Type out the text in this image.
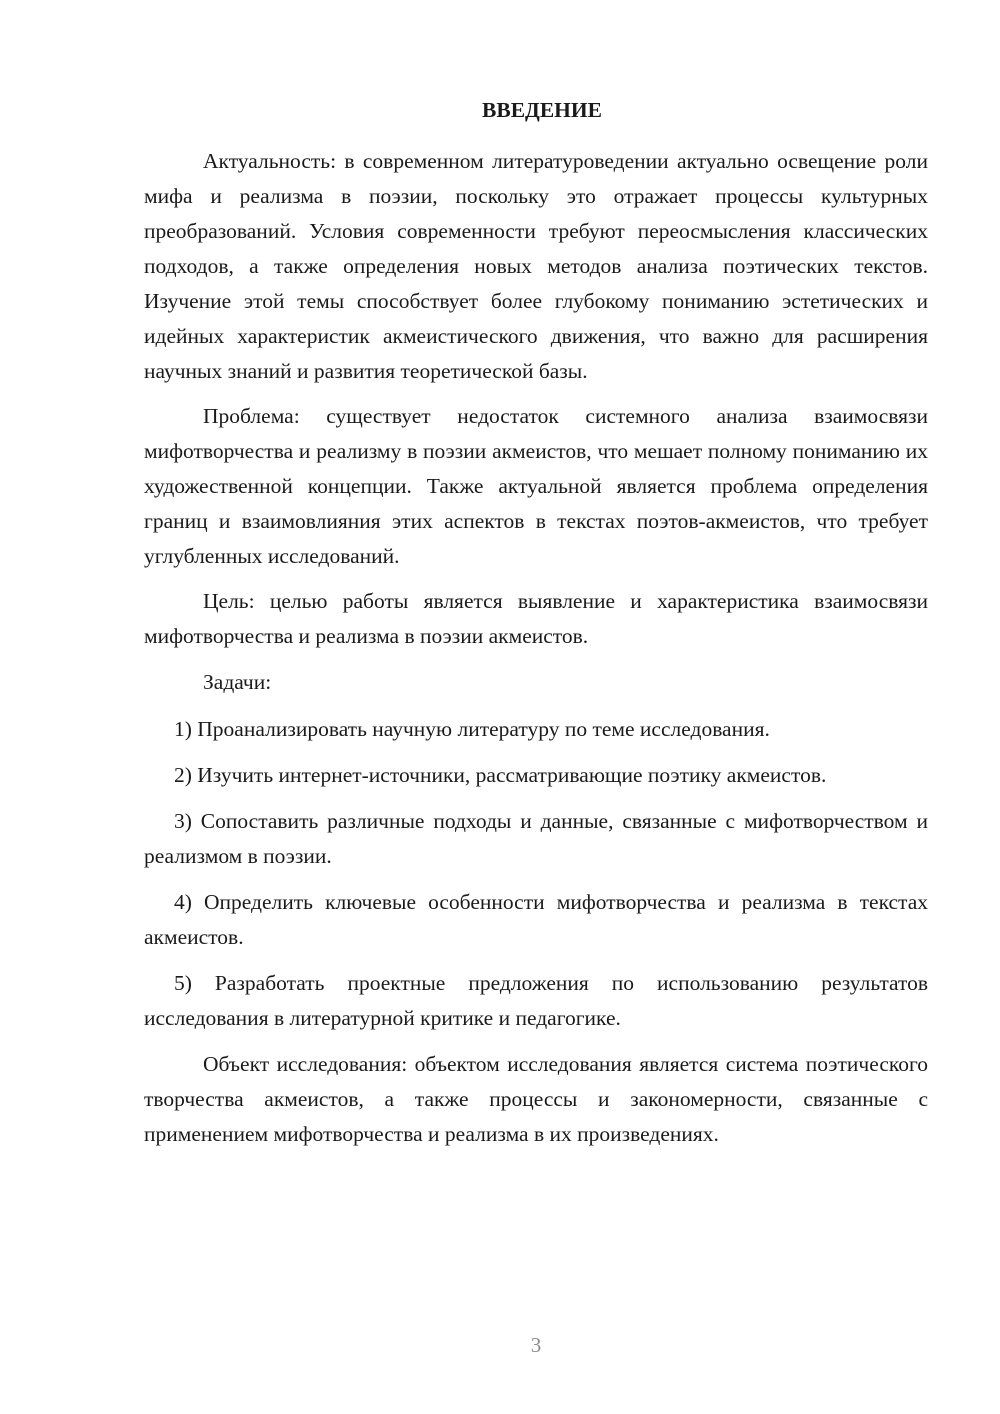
ВВЕДЕНИЕ

Актуальность: в современном литературоведении актуально освещение роли мифа и реализма в поэзии, поскольку это отражает процессы культурных преобразований. Условия современности требуют переосмысления классических подходов, а также определения новых методов анализа поэтических текстов. Изучение этой темы способствует более глубокому пониманию эстетических и идейных характеристик акмеистического движения, что важно для расширения научных знаний и развития теоретической базы.

Проблема: существует недостаток системного анализа взаимосвязи мифотворчества и реализму в поэзии акмеистов, что мешает полному пониманию их художественной концепции. Также актуальной является проблема определения границ и взаимовлияния этих аспектов в текстах поэтов-акмеистов, что требует углубленных исследований.

Цель: целью работы является выявление и характеристика взаимосвязи мифотворчества и реализма в поэзии акмеистов.

Задачи:

1) Проанализировать научную литературу по теме исследования.

2) Изучить интернет-источники, рассматривающие поэтику акмеистов.

3) Сопоставить различные подходы и данные, связанные с мифотворчеством и реализмом в поэзии.

4) Определить ключевые особенности мифотворчества и реализма в текстах акмеистов.

5) Разработать проектные предложения по использованию результатов исследования в литературной критике и педагогике.

Объект исследования: объектом исследования является система поэтического творчества акмеистов, а также процессы и закономерности, связанные с применением мифотворчества и реализма в их произведениях.

3
